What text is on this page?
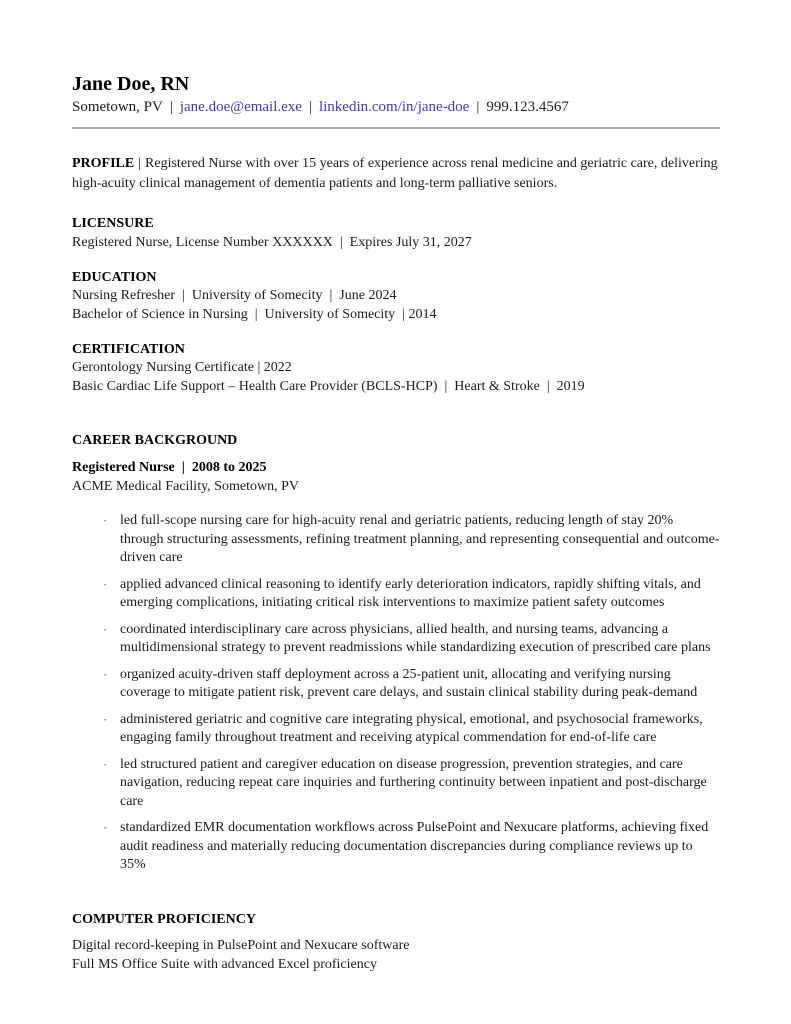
Jane Doe, RN
Sometown, PV | jane.doe@email.exe | linkedin.com/in/jane-doe | 999.123.4567

PROFILE | Registered Nurse with over 15 years of experience across renal medicine and geriatric care, delivering high-acuity clinical management of dementia patients and long-term palliative seniors.

LICENSURE
Registered Nurse, License Number XXXXXX  |  Expires July 31, 2027
EDUCATION
Nursing Refresher  |  University of Somecity  |  June 2024
Bachelor of Science in Nursing  |  University of Somecity  | 2014
CERTIFICATION
Gerontology Nursing Certificate | 2022
Basic Cardiac Life Support – Health Care Provider (BCLS-HCP)  |  Heart & Stroke  |  2019
CAREER BACKGROUND
Registered Nurse  |  2008 to 2025
ACME Medical Facility, Sometown, PV
· led full-scope nursing care for high-acuity renal and geriatric patients, reducing length of stay 20% through structuring assessments, refining treatment planning, and representing consequential and outcome-driven care
· applied advanced clinical reasoning to identify early deterioration indicators, rapidly shifting vitals, and emerging complications, initiating critical risk interventions to maximize patient safety outcomes
· coordinated interdisciplinary care across physicians, allied health, and nursing teams, advancing a multidimensional strategy to prevent readmissions while standardizing execution of prescribed care plans
· organized acuity-driven staff deployment across a 25-patient unit, allocating and verifying nursing coverage to mitigate patient risk, prevent care delays, and sustain clinical stability during peak-demand
· administered geriatric and cognitive care integrating physical, emotional, and psychosocial frameworks, engaging family throughout treatment and receiving atypical commendation for end-of-life care
· led structured patient and caregiver education on disease progression, prevention strategies, and care navigation, reducing repeat care inquiries and furthering continuity between inpatient and post-discharge care
· standardized EMR documentation workflows across PulsePoint and Nexucare platforms, achieving fixed audit readiness and materially reducing documentation discrepancies during compliance reviews up to 35%
COMPUTER PROFICIENCY
Digital record-keeping in PulsePoint and Nexucare software
Full MS Office Suite with advanced Excel proficiency
